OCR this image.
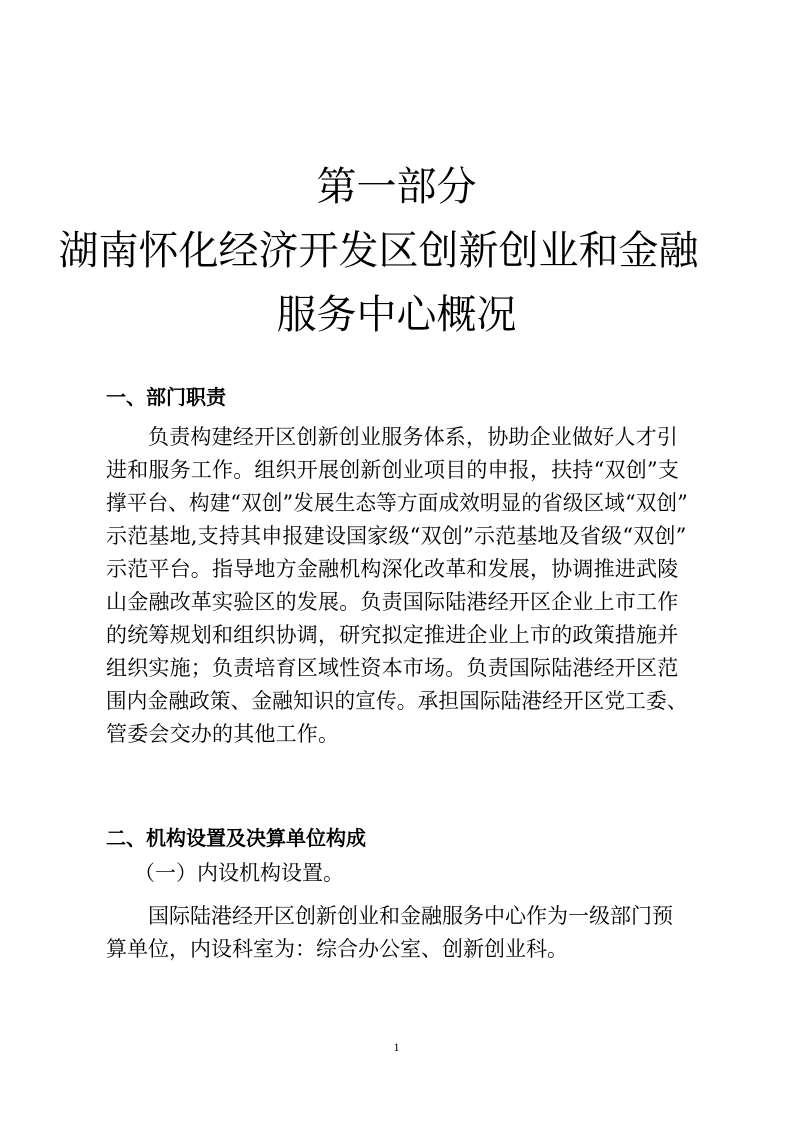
第一部分
湖南怀化经济开发区创新创业和金融
服务中心概况
一、部门职责
负责构建经开区创新创业服务体系，协助企业做好人才引
进和服务工作。组织开展创新创业项目的申报，扶持“双创”支
撑平台、构建“双创”发展生态等方面成效明显的省级区域“双创”
示范基地,支持其申报建设国家级“双创”示范基地及省级“双创”
示范平台。指导地方金融机构深化改革和发展，协调推进武陵
山金融改革实验区的发展。负责国际陆港经开区企业上市工作
的统筹规划和组织协调，研究拟定推进企业上市的政策措施并
组织实施；负责培育区域性资本市场。负责国际陆港经开区范
围内金融政策、金融知识的宣传。承担国际陆港经开区党工委、
管委会交办的其他工作。
二、机构设置及决算单位构成

（一）内设机构设置。

国际陆港经开区创新创业和金融服务中心作为一级部门预
算单位，内设科室为：综合办公室、创新创业科。
1
